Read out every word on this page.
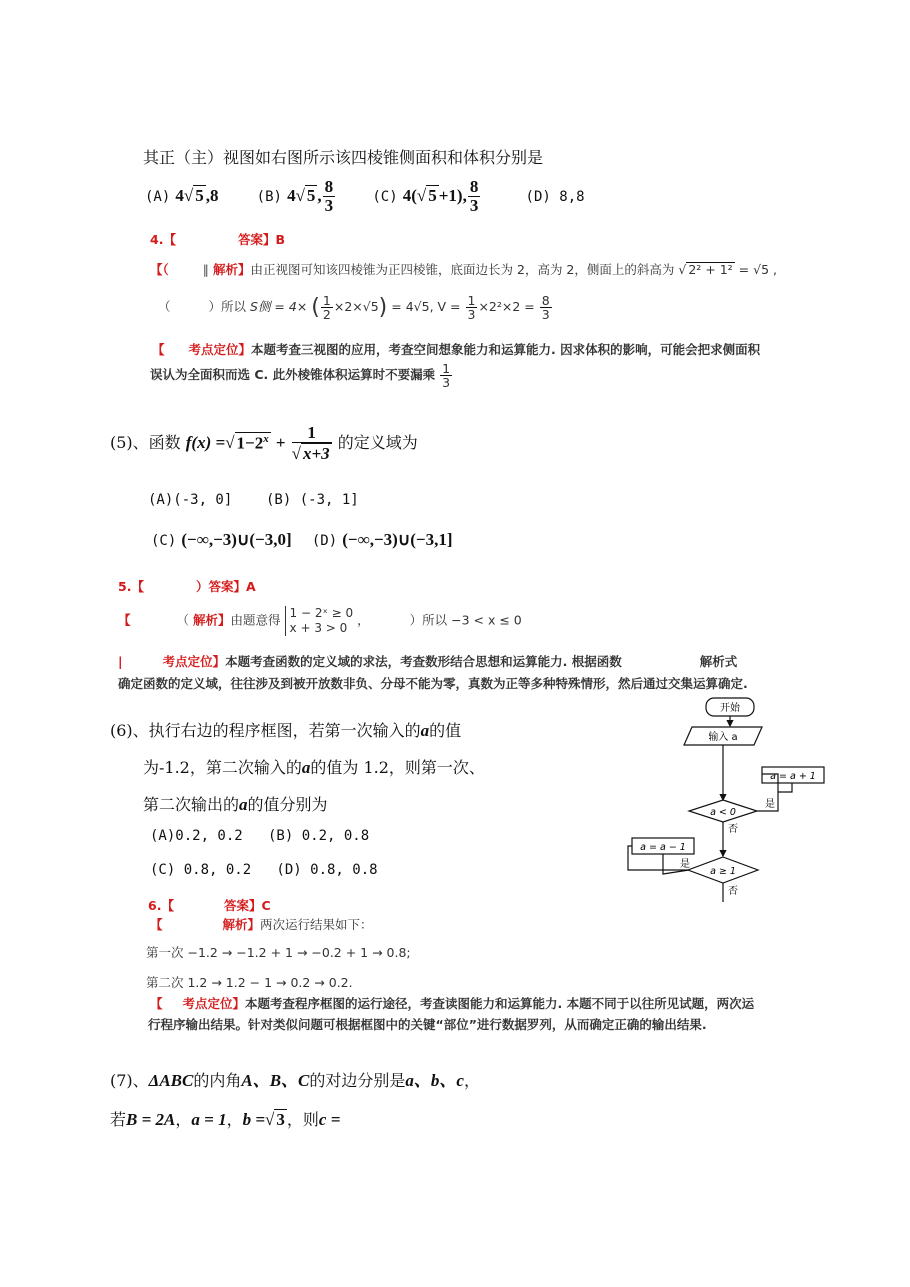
其正（主）视图如右图所示该四棱锥侧面积和体积分别是
(A) 4√ 5 ,8	(B) 4√ 5 , $\frac{8}{3}$	(C) 4(√ 5 +1), $\frac{8}{3}$	(D) 8,8
4.【	答案】B
【（	∥ 解析】由正视图可知该四棱锥为正四棱锥，底面边长为 2，高为 2，侧面上的斜高为 √ 2² + 1² = √5 ,
（	）所以 S侧 = 4× ( $\frac{1}{2} \times 2\times√5) = 4√5$, $V = \frac{1}{3} \times 2^2\times 2 = \frac{8}{3}$
【 考点定位】本题考查三视图的应用，考查空间想象能力和运算能力. 因求体积的影响，可能会把求侧面积
误认为全面积而选 C. 此外棱锥体积运算时不要漏乘 $\frac{1}{3}$
(5)、函数 f(x) =√ $1-2^x + \frac{1}{√ x+3}$ 的定义域为
(A)(-3, 0]    (B) (-3, 1]
(C) (−∞,−3)∪(−3,0] (D) (−∞,−3)∪(−3,1]
5.【	）答案】A
【	（ 解析】由题意得 1 − 2ˣ ≥ 0
x + 3 > 0
，	）所以 −3 < x ≤ 0
|	考点定位】本题考查函数的定义域的求法，考查数形结合思想和运算能力. 根据函数	解析式
确定函数的定义域，往往涉及到被开放数非负、分母不能为零，真数为正等多种特殊情形，然后通过交集运算确定.
(6)、执行右边的程序框图，若第一次输入的a的值
为-1.2，第二次输入的a的值为 1.2，则第一次、
第二次输出的a的值分别为
(A)0.2, 0.2   (B) 0.2, 0.8
(C) 0.8, 0.2   (D) 0.8, 0.8
6.【	答案】C
【	解析】两次运行结果如下：
第一次 −1.2 → −1.2 + 1 → −0.2 + 1 → 0.8;
第二次 1.2 → 1.2 − 1 → 0.2 → 0.2.
【 考点定位】本题考查程序框图的运行途径，考查读图能力和运算能力. 本题不同于以往所见试题，两次运
行程序输出结果。针对类似问题可根据框图中的关键“部位”进行数据罗列，从而确定正确的输出结果.
开始
输入 a
a = a + 1
a < 0
是
否
a = a − 1
a ≥ 1
是
否
(7)、ΔABC的内角A、B、C的对边分别是a、b、c，
若B = 2A，a = 1，b =√ 3 ，则c =
